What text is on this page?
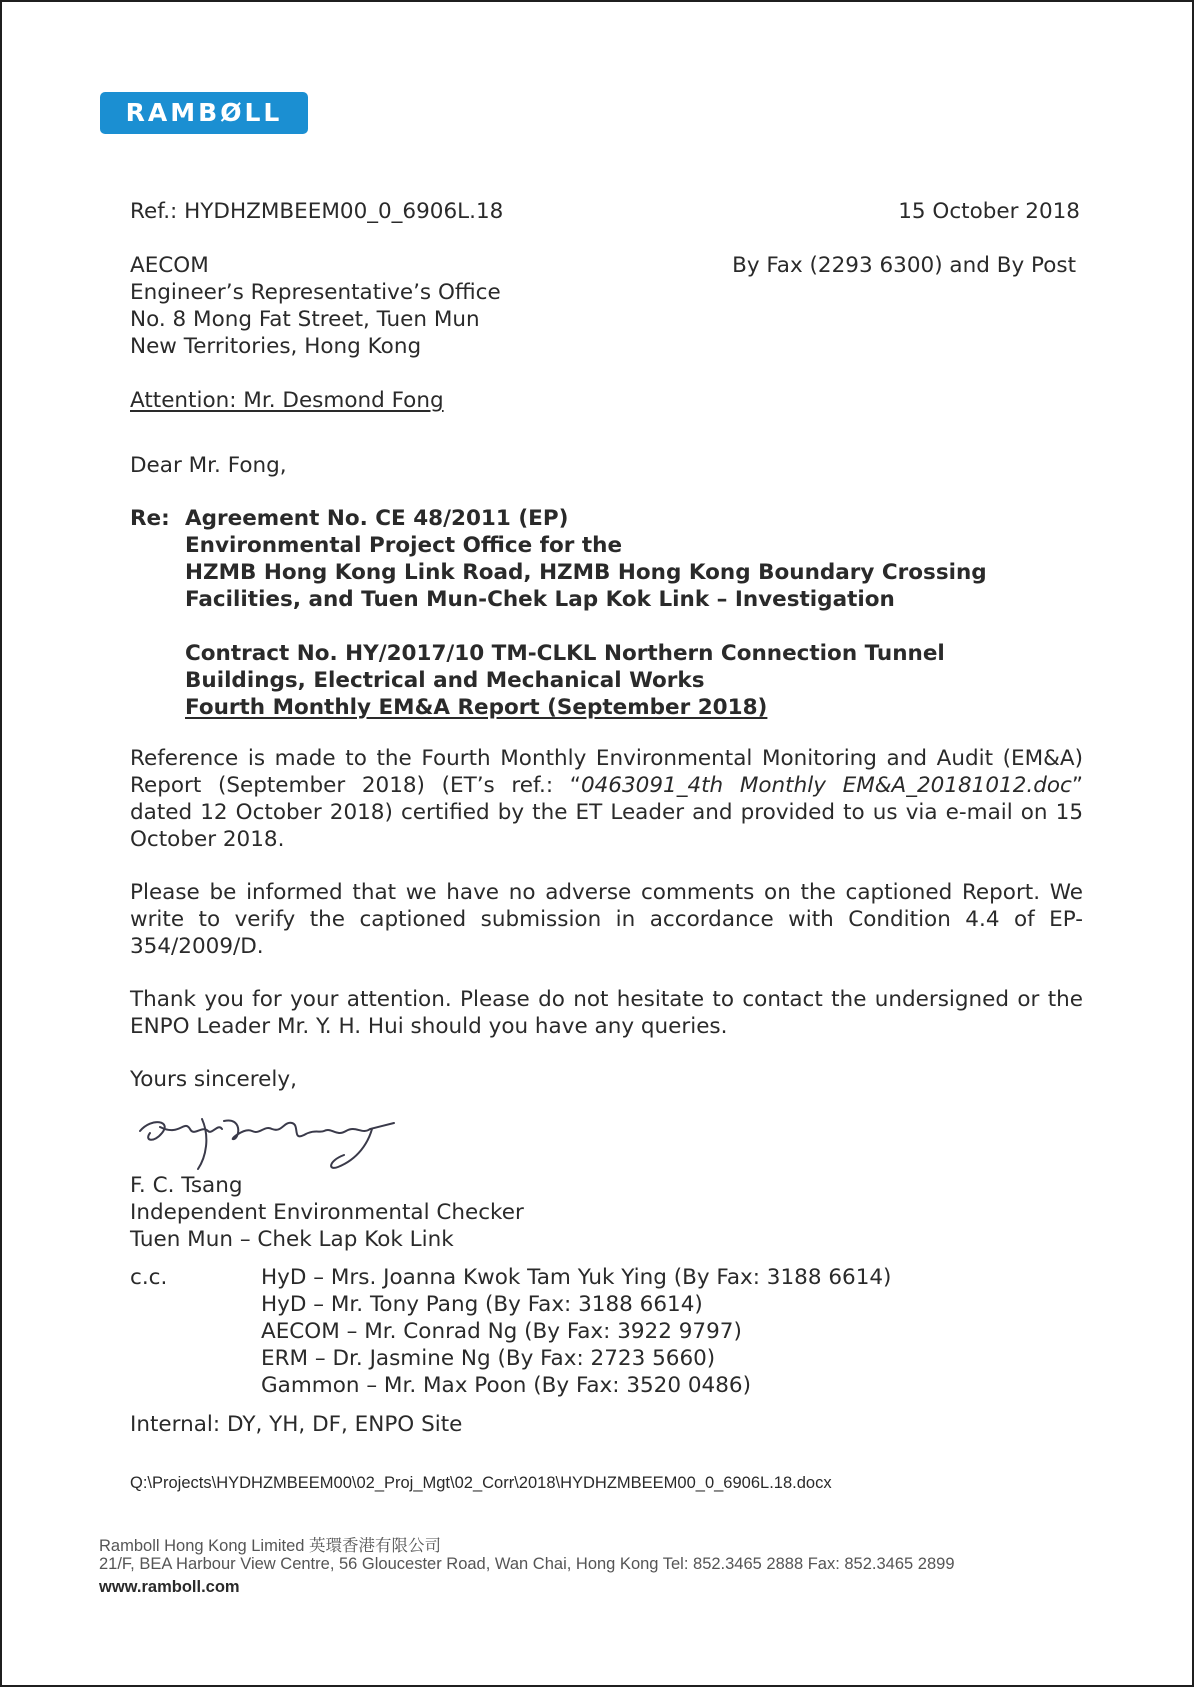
RAMBØLL
Ref.: HYDHZMBEEM00_0_6906L.18	15 October 2018
By Fax (2293 6300) and By Post
AECOM
Engineer’s Representative’s Office
No. 8 Mong Fat Street, Tuen Mun
New Territories, Hong Kong
Attention: Mr. Desmond Fong
Dear Mr. Fong,
Re: Agreement No. CE 48/2011 (EP)
Environmental Project Office for the
HZMB Hong Kong Link Road, HZMB Hong Kong Boundary Crossing
Facilities, and Tuen Mun-Chek Lap Kok Link – Investigation
Contract No. HY/2017/10 TM-CLKL Northern Connection Tunnel
Buildings, Electrical and Mechanical Works
Fourth Monthly EM&A Report (September 2018)
Reference is made to the Fourth Monthly Environmental Monitoring and Audit (EM&A) Report (September 2018) (ET’s ref.: “0463091_4th Monthly EM&A_20181012.doc” dated 12 October 2018) certified by the ET Leader and provided to us via e-mail on 15 October 2018.
Please be informed that we have no adverse comments on the captioned Report. We write to verify the captioned submission in accordance with Condition 4.4 of EP-354/2009/D.
Thank you for your attention. Please do not hesitate to contact the undersigned or the ENPO Leader Mr. Y. H. Hui should you have any queries.
Yours sincerely,
F. C. Tsang
Independent Environmental Checker
Tuen Mun – Chek Lap Kok Link
c.c.	HyD – Mrs. Joanna Kwok Tam Yuk Ying (By Fax: 3188 6614)
HyD – Mr. Tony Pang (By Fax: 3188 6614)
AECOM – Mr. Conrad Ng (By Fax: 3922 9797)
ERM – Dr. Jasmine Ng (By Fax: 2723 5660)
Gammon – Mr. Max Poon (By Fax: 3520 0486)
Internal: DY, YH, DF, ENPO Site
Q:\Projects\HYDHZMBEEM00\02_Proj_Mgt\02_Corr\2018\HYDHZMBEEM00_0_6906L.18.docx
Ramboll Hong Kong Limited 英環香港有限公司
21/F, BEA Harbour View Centre, 56 Gloucester Road, Wan Chai, Hong Kong Tel: 852.3465 2888 Fax: 852.3465 2899
www.ramboll.com
